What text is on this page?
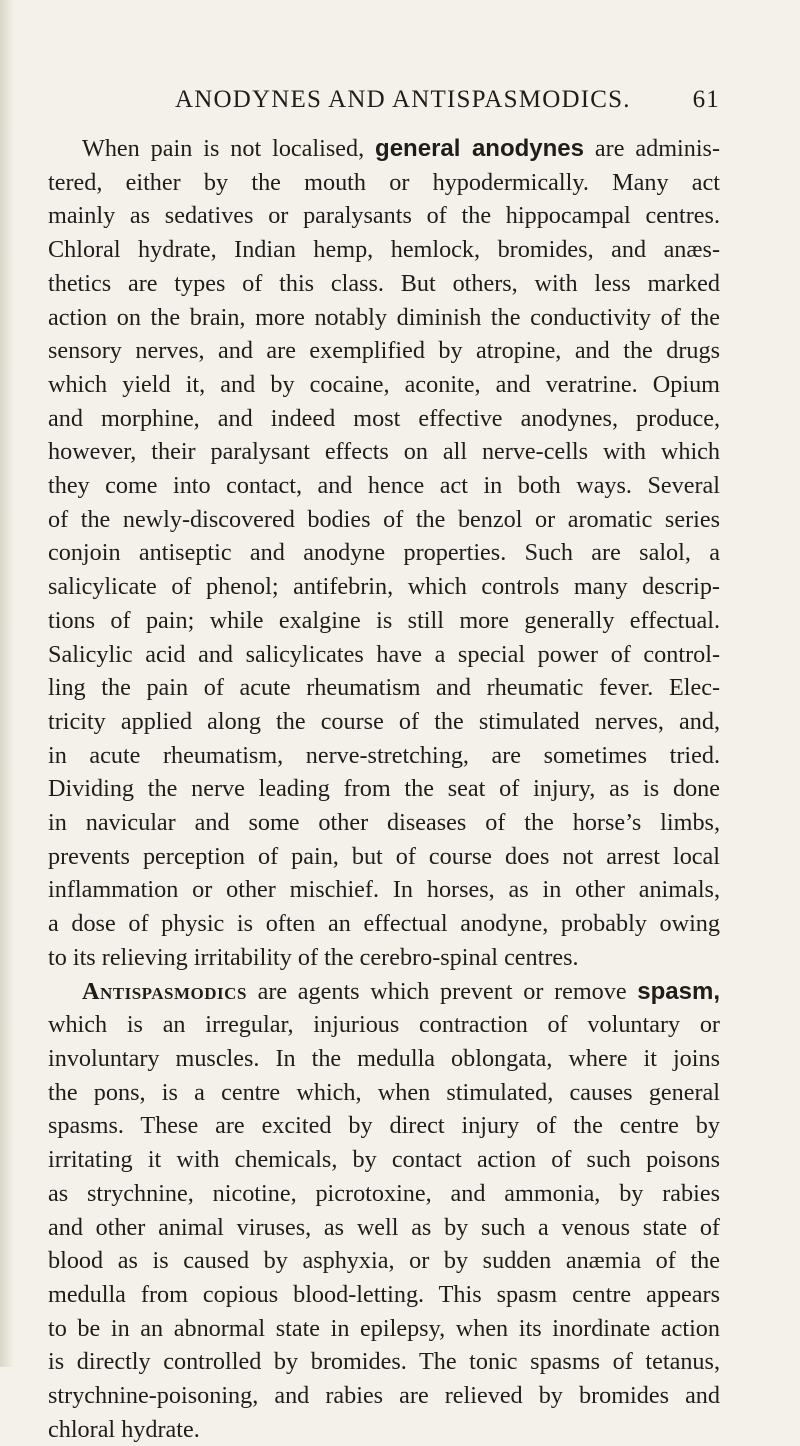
ANODYNES AND ANTISPASMODICS. 61
When pain is not localised, general anodynes are adminis-
tered, either by the mouth or hypodermically. Many act
mainly as sedatives or paralysants of the hippocampal centres.
Chloral hydrate, Indian hemp, hemlock, bromides, and anæs-
thetics are types of this class. But others, with less marked
action on the brain, more notably diminish the conductivity of the
sensory nerves, and are exemplified by atropine, and the drugs
which yield it, and by cocaine, aconite, and veratrine. Opium
and morphine, and indeed most effective anodynes, produce,
however, their paralysant effects on all nerve-cells with which
they come into contact, and hence act in both ways. Several
of the newly-discovered bodies of the benzol or aromatic series
conjoin antiseptic and anodyne properties. Such are salol, a
salicylicate of phenol; antifebrin, which controls many descrip-
tions of pain; while exalgine is still more generally effectual.
Salicylic acid and salicylicates have a special power of control-
ling the pain of acute rheumatism and rheumatic fever. Elec-
tricity applied along the course of the stimulated nerves, and,
in acute rheumatism, nerve-stretching, are sometimes tried.
Dividing the nerve leading from the seat of injury, as is done
in navicular and some other diseases of the horse’s limbs,
prevents perception of pain, but of course does not arrest local
inflammation or other mischief. In horses, as in other animals,
a dose of physic is often an effectual anodyne, probably owing
to its relieving irritability of the cerebro-spinal centres.
Antispasmodics are agents which prevent or remove spasm,
which is an irregular, injurious contraction of voluntary or
involuntary muscles. In the medulla oblongata, where it joins
the pons, is a centre which, when stimulated, causes general
spasms. These are excited by direct injury of the centre by
irritating it with chemicals, by contact action of such poisons
as strychnine, nicotine, picrotoxine, and ammonia, by rabies
and other animal viruses, as well as by such a venous state of
blood as is caused by asphyxia, or by sudden anæmia of the
medulla from copious blood-letting. This spasm centre appears
to be in an abnormal state in epilepsy, when its inordinate action
is directly controlled by bromides. The tonic spasms of tetanus,
strychnine-poisoning, and rabies are relieved by bromides and
chloral hydrate.
